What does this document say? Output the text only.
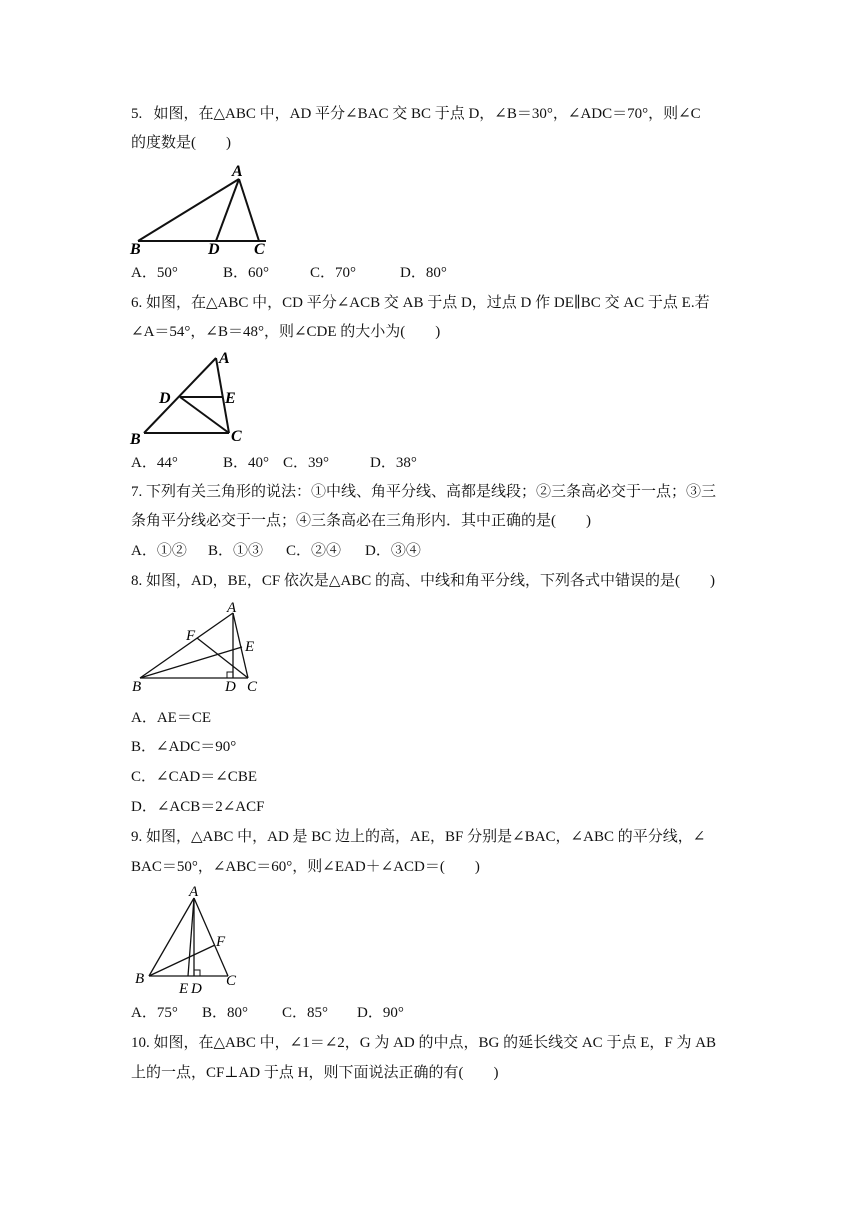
5.   如图，在△ABC 中，AD 平分∠BAC 交 BC 于点 D，∠B＝30°，∠ADC＝70°，则∠C
的度数是(　　)
A
B	D C
A．50°	B．60°	C．70°	D．80°
6. 如图，在△ABC 中，CD 平分∠ACB 交 AB 于点 D，过点 D 作 DE∥BC 交 AC 于点 E.若
∠A＝54°，∠B＝48°，则∠CDE 的大小为(　　)
A
D	E
B	C
A．44°	B．40° C．39°	D．38°
7. 下列有关三角形的说法：①中线、角平分线、高都是线段；②三条高必交于一点；③三
条角平分线必交于一点；④三条高必在三角形内．其中正确的是(　　)
A．①② B．①③ C．②④ D．③④
8. 如图，AD，BE，CF 依次是△ABC 的高、中线和角平分线，下列各式中错误的是(　　)
A
F
E
B	D C
A．AE＝CE
B．∠ADC＝90°
C．∠CAD＝∠CBE
D．∠ACB＝2∠ACF
9. 如图，△ABC 中，AD 是 BC 边上的高，AE，BF 分别是∠BAC，∠ABC 的平分线，∠
BAC＝50°，∠ABC＝60°，则∠EAD＋∠ACD＝(　　)
A
F
B
E D C
A．75° B．80° C．85° D．90°
10. 如图，在△ABC 中，∠1＝∠2，G 为 AD 的中点，BG 的延长线交 AC 于点 E，F 为 AB
上的一点，CF⊥AD 于点 H，则下面说法正确的有(　　)
